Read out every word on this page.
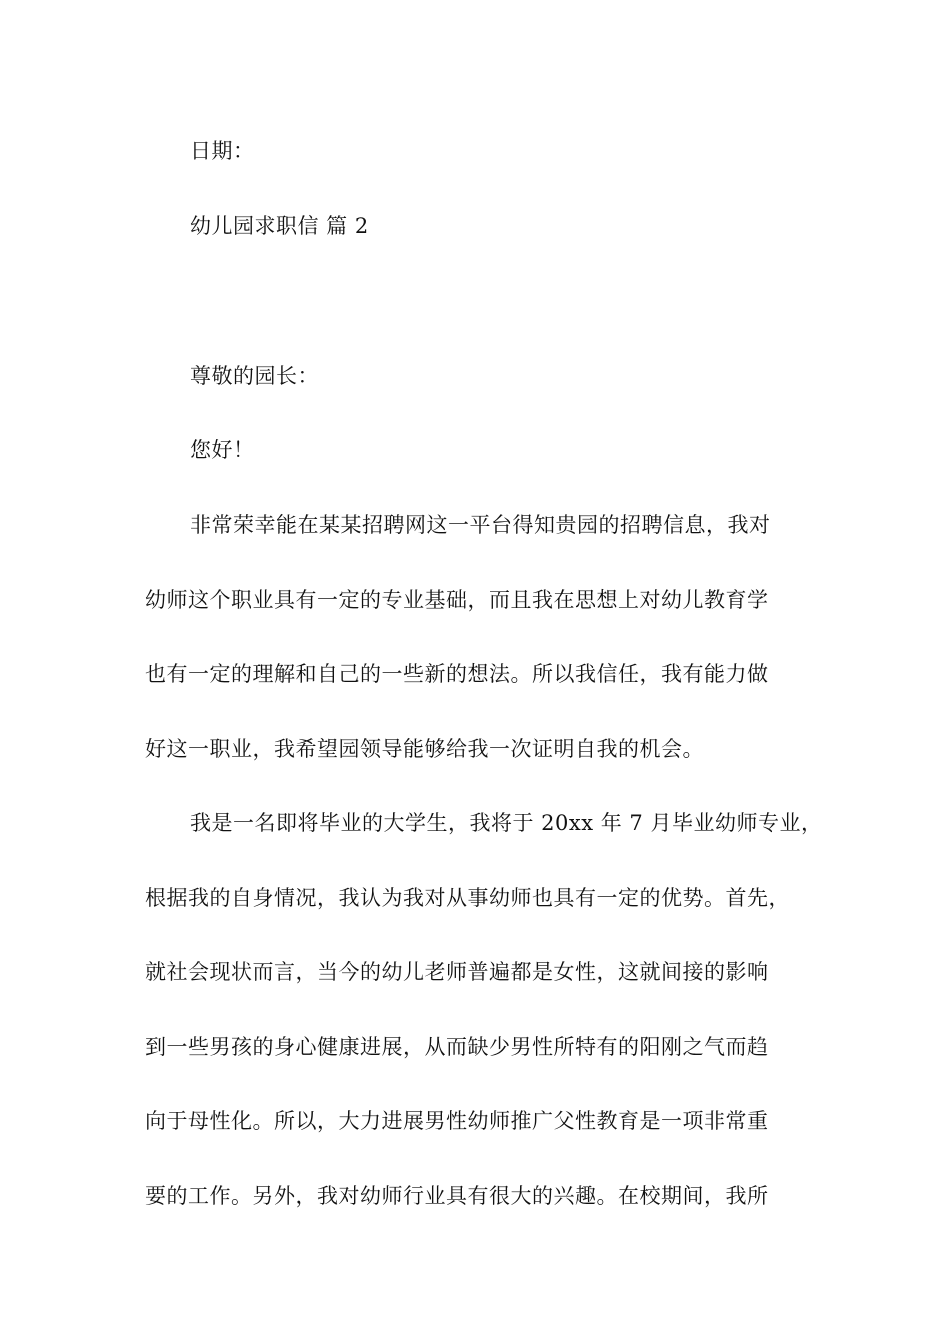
日期：
幼儿园求职信 篇 2
尊敬的园长：
您好！
非常荣幸能在某某招聘网这一平台得知贵园的招聘信息，我对
幼师这个职业具有一定的专业基础，而且我在思想上对幼儿教育学
也有一定的理解和自己的一些新的想法。所以我信任，我有能力做
好这一职业，我希望园领导能够给我一次证明自我的机会。
我是一名即将毕业的大学生，我将于 20xx 年 7 月毕业幼师专业，
根据我的自身情况，我认为我对从事幼师也具有一定的优势。首先，
就社会现状而言，当今的幼儿老师普遍都是女性，这就间接的影响
到一些男孩的身心健康进展，从而缺少男性所特有的阳刚之气而趋
向于母性化。所以，大力进展男性幼师推广父性教育是一项非常重
要的工作。另外，我对幼师行业具有很大的兴趣。在校期间，我所
